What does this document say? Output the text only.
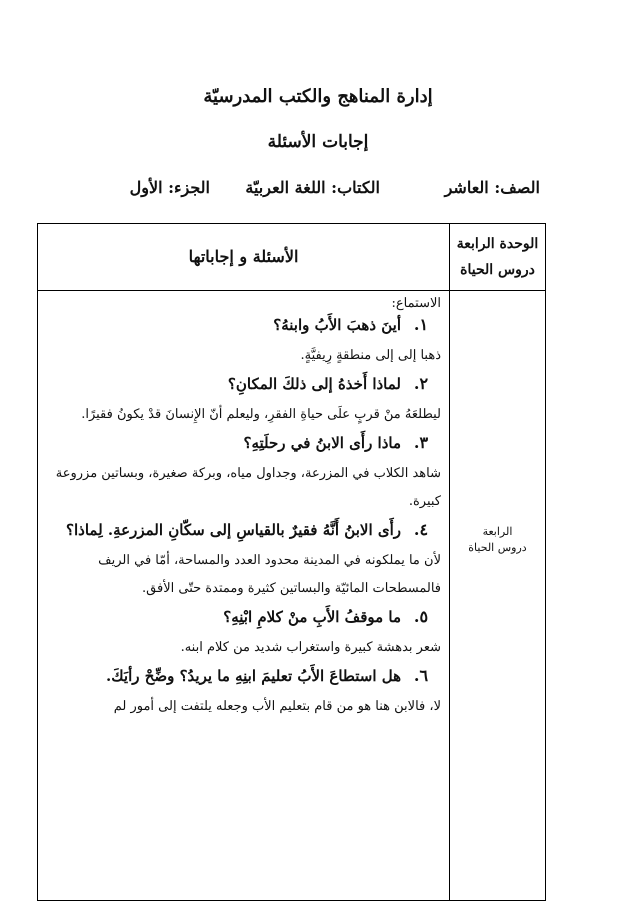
إدارة المناهج والكتب المدرسيّة
إجابات الأسئلة
الصف: العاشر
الكتاب: اللغة العربيّة
الجزء: الأول
الوحدة الرابعة
دروس الحياة
الأسئلة و إجاباتها
الرابعة
دروس الحياة
الاستماع:
١.
أينَ ذهبَ الأَبُ وابنهُ؟
ذهبا إلى إلى منطقةٍ رِيفيَّةٍ.
٢.
لماذا أَخذهُ إلى ذلكَ المكانِ؟
ليطلعَهُ منْ قربٍ علَى حياةِ الفقرِ، وليعلم أنّ الإِنسانَ قدْ يكونُ فقيرًا.
٣.
ماذا رأَى الابنُ في رحلَتِهِ؟
شاهد الكلاب في المزرعة، وجداول مياه، وبركة صغيرة، وبساتين مزروعة كبيرة.
٤.
رأَى الابنُ أَنَّهُ فقيرٌ بالقياسِ إلى سكّانِ المزرعةِ. لِماذا؟
لأن ما يملكونه في المدينة محدود العدد والمساحة، أمّا في الريف فالمسطحات المائيّة والبساتين كثيرة وممتدة حتّى الأفق.
٥.
ما موقفُ الأَبِ منْ كلامِ ابْنِهِ؟
شعر بدهشة كبيرة واستغراب شديد من كلام ابنه.
٦.
هل استطاعَ الأَبُ تعليمَ ابنِهِ ما يريدُ؟ وضِّحْ رأيَكَ.
لا، فالابن هنا هو من قام بتعليم الأب وجعله يلتفت إلى أمور لم
